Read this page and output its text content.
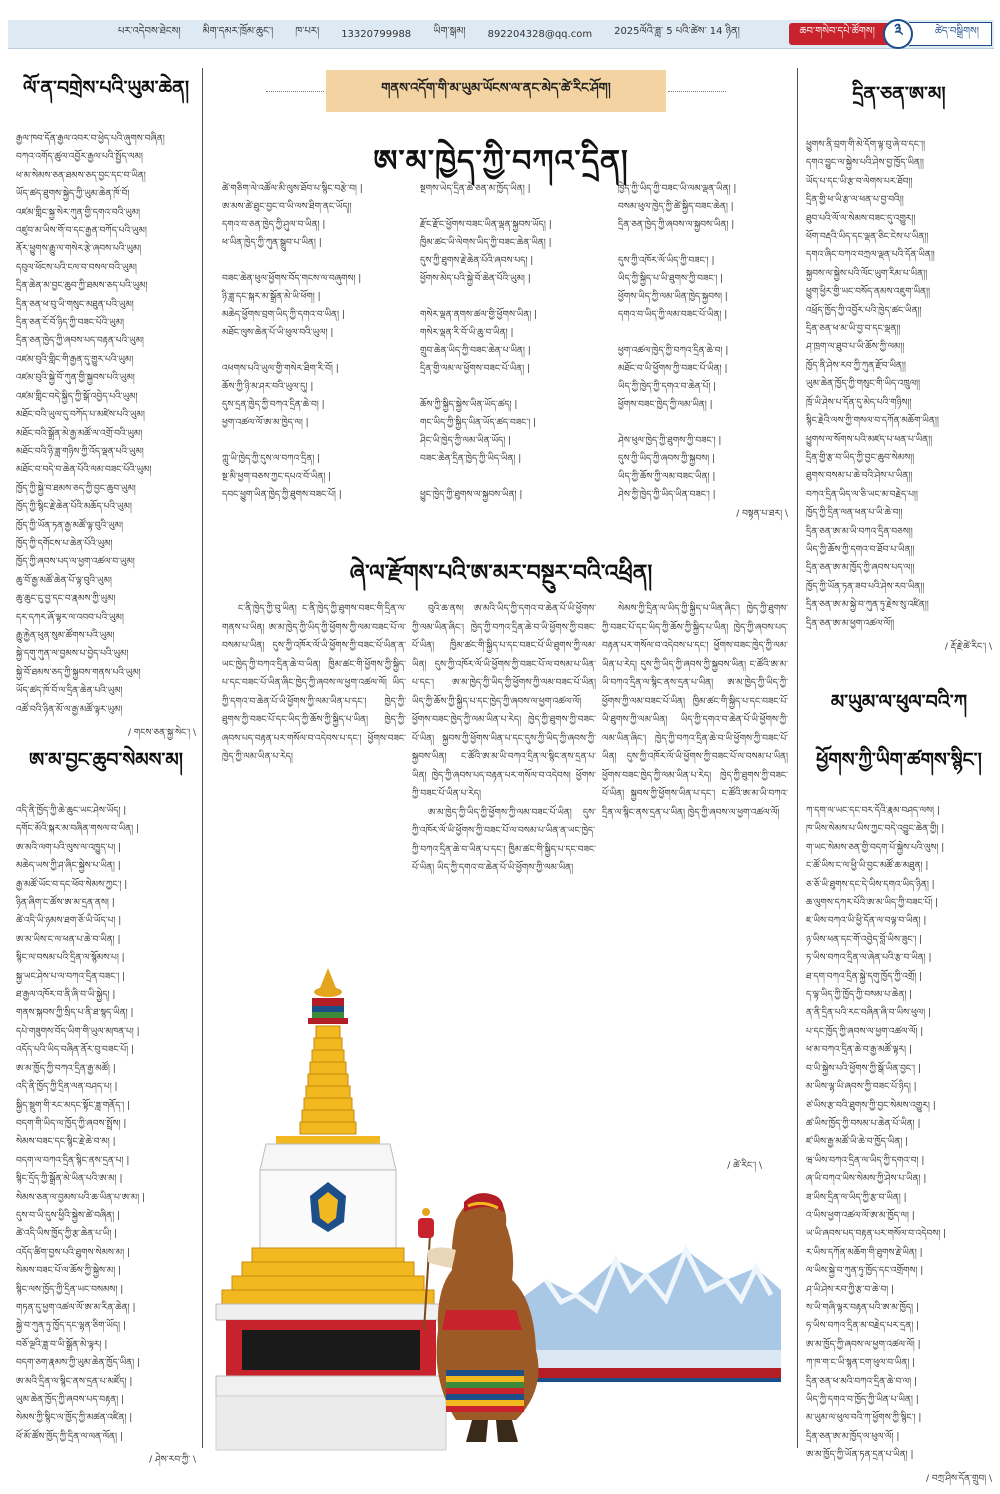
པར་འདེབས་ཐེངས། མིག་དམར་ཁྲོམ་ཆུང་། ཁ་པར། 13320799988 ཡིག་སྒམ། 892204328@qq.com 2025ལོའི་ཟླ་ 5 པའི་ཚེས་ 14 ཉིན།	ཆབ་གསེབ་དཔེ་ཚོགས།	༣	ཚེད་བསྒྲིགས།
ལོ་ན་བགྲེས་པའི་ཡུམ་ཆེན།
རྒྱལ་ཁབ་དོན་རྒྱལ་འབར་བ་ཕྱེད་པའི་ཞུགས་བཞིན།
བཀའ་འགོད་ཚུལ་འབྱོར་རྒྱལ་པའི་སྤྱོད་ལམ།
ཕ་མ་སེམས་ཅན་ཐམས་ཅད་བྱང་དང་བ་ཡིན།
ཡོད་ཚད་ཐུགས་སྐྱེད་ཀྱི་ཡུམ་ཆེན་ཁོ་བོ།
འཛམ་གླིང་སྐྱ་སེར་ཀུན་གྱི་དགའ་བའི་ཡུམ།
འཛུབ་མ་ཡིས་གོ་བ་དང་རྒྱན་བཀོད་པའི་ཡུམ།
ནོར་ཕྱུགས་རྒྱུ་ལ་གསེར་རྩེ་ཞབས་པའི་ཡུམ།
དབུལ་ཕོངས་པའི་ངལ་བ་བསལ་བའི་ཡུམ།
དྲིན་ཆེན་མ་བྱང་ཆུབ་ཀྱི་ཐམས་ཅད་པའི་ཡུམ།
དྲིན་ཅན་ཕ་བུ་ཡི་གསུང་མཐུན་པའི་ཡུམ།
དྲིན་ཅན་ངོ་བོ་ཉིད་ཀྱི་བཟང་པོའི་ཡུམ།
དྲིན་ཅན་ཁྱེད་ཀྱི་ཞབས་པད་བརྟན་པའི་ཡུམ།
འཛམ་བུའི་གླིང་གི་རྒྱན་དུ་གྱུར་པའི་ཡུམ།
འཛམ་བུའི་སྐྱེ་བོ་ཀུན་གྱི་སྐྱབས་པའི་ཡུམ།
འཛམ་གླིང་བདེ་སྐྱིད་ཀྱི་སྒོ་འབྱེད་པའི་ཡུམ།
མཐོང་བའི་ཡུལ་དུ་བཀོད་པ་མཛེས་པའི་ཡུམ།
མཐོང་བའི་སྒྲོན་མེ་རྒྱ་མཚོ་ལ་འགྲོ་བའི་ཡུམ།
མཐོང་བའི་ཉི་ཟླ་གཉིས་ཀྱི་འོད་ལྡན་པའི་ཡུམ།
མཐོང་བ་བདེ་བ་ཆེན་པོའི་ལམ་བཟང་པོའི་ཡུམ།
ཁྱོད་ཀྱི་སྐྱེ་བ་ཐམས་ཅད་ཀྱི་བྱང་ཆུབ་ཡུམ།
ཁྱོད་ཀྱི་སྙིང་རྗེ་ཆེན་པོའི་མཆོད་པའི་ཡུམ།
ཁྱོད་ཀྱི་ཡོན་ཏན་རྒྱ་མཚོ་ལྟ་བུའི་ཡུམ།
ཁྱོད་ཀྱི་དགོངས་པ་ཆེན་པོའི་ཡུམ།
ཁྱོད་ཀྱི་ཞབས་པད་ལ་ཕྱག་འཚལ་བ་ཡུམ།
ཆུ་བོ་རྒྱ་མཚོ་ཆེན་པོ་ལྟ་བུའི་ཡུམ།
ཆུ་ཆུང་ངུ་བྱ་དང་བ་རྣམས་ཀྱི་ཡུམ།
དར་དཀར་ཞོ་ལྟར་ལ་འབབ་པའི་ཡུམ།
རྒྱུ་རྐྱེན་ཕུན་སུམ་ཚོགས་པའི་ཡུམ།
སྐྱེ་དགུ་ཀུན་ལ་བྱམས་པ་བྱེད་པའི་ཡུམ།
སྐྱེ་བོ་ཐམས་ཅད་ཀྱི་སྐྱབས་གནས་པའི་ཡུམ།
ཡོད་ཚད་ཁོ་བོ་ལ་དྲིན་ཆེན་པའི་ཡུམ།
འཚོ་བའི་ཉིན་མོ་ལ་རྒྱ་མཚོ་ལྟར་ཡུམ།
/ གངས་ཅན་སྐྱ་སེང་། \
ཨ་མ་བྱང་ཆུབ་སེམས་མ།
འདི་ནི་ཁྱོད་ཀྱི་ཆེ་ཆུང་ཡང་ཤེས་ཡོད། |
དགོང་མོའི་སྐར་མ་བཞིན་གསལ་བ་ཡིན། |
ཨ་མའི་ལག་པའི་ལུས་ལ་འཁྱུད་པ། |
མཆེད་ཡས་ཀྱི་ཤ་ཞིང་སྐྱེས་པ་ཡིན། |
རྒྱ་མཚོ་ཡོང་བ་དང་ཕོབ་སེམས་ཀྱང་། |
ཉིན་ཞིག་ང་ཚོས་ཨ་མ་དྲན་ནས། |
ཚེ་འདི་ཡི་ཉམས་ཐག་ཅོ་ཡི་ཡོད་པ། |
ཨ་མ་ཡིས་ང་ལ་ཕན་པ་ཆེ་བ་ཡིན། |
སྙིང་ལ་བསམ་པའི་དྲིན་ལ་སྙོམས་པ། |
སྐྱ་ཡང་ཤེས་པ་ལ་བཀའ་དྲིན་བཟང་། |
ཐ་རྒྱལ་འཁོར་བ་ནི་ཞི་བ་ཡི་སྐྱེད། |
གནས་སྐབས་ཀྱི་སྲིད་པ་ནི་ཐ་སྙད་ཡིན། |
དཔེ་གཟུགས་བོད་ཡིག་གི་ཡུལ་མཁན་པ། |
འདོད་པའི་ཡིད་བཞིན་ནོར་བུ་བཟང་པོ། |
ཨ་མ་ཁྱོད་ཀྱི་བཀའ་དྲིན་རྒྱ་མཚོ། |
འདི་ནི་ཁྱོད་ཀྱི་དྲིན་ལན་བཤད་པ། |
སྐྱིད་སྡུག་གི་རང་མདང་སྟོང་ཟླ་གནོད་། |
བདག་གི་ཡིད་ལ་ཁྱོད་ཀྱི་ཞབས་སྤྲོས། |
སེམས་བཟང་དང་སྙིང་རྗེ་ཆེ་བ་མ། |
བདག་ལ་བཀའ་དྲིན་སྙིང་ནས་དྲན་པ། |
སྙིང་དྲོད་ཀྱི་སྒྲོན་མེ་ཡིན་པའི་ཨ་མ། |
སེམས་ཅན་ལ་བྱམས་པའི་ཆ་ཡིན་པ་ཨ་མ། |
དུས་བ་ཡི་དུས་ཕྱིའི་སྐྱེས་ཚེ་བཞིན། |
ཚེ་འདི་ཡིས་ཁྱོད་ཀྱི་རྩ་ཆེན་པ་ཡི། |
འདོད་ཚིག་བྱས་པའི་ཐུགས་སེམས་མ། |
སེམས་བཟང་པོ་ལ་ཆོས་ཀྱི་སྐྱེས་མ། |
སྙིང་ལས་ཁྱོད་ཀྱི་དྲིན་ཡང་བསམས། |
གཏན་དུ་ཕྱག་འཚལ་ལོ་ཨ་མ་རིན་ཆེན། |
སྐྱེ་བ་ཀུན་ཏུ་ཁྱོད་དང་ལྷན་ཅིག་ཡོད། |
བཅོ་ལྔའི་ཟླ་བ་ཡི་སྒྲོན་མེ་ལྟར། |
བདག་ཅག་རྣམས་ཀྱི་ཡུམ་ཆེན་ཁྱོད་ཡིན། |
ཨ་མའི་དྲིན་ལ་སྙིང་ནས་དྲན་པ་མཛོད། |
ཡུམ་ཆེན་ཁྱོད་ཀྱི་ཞབས་པད་བརྟན། |
སེམས་ཀྱི་སྙིང་ལ་ཁྱོད་ཀྱི་མཚན་འཛིན། |
ཕོ་མོ་ཚོས་ཁྱོད་ཀྱི་དྲིན་ལ་ལན་ལོན། |
/ ཤེས་རབ་ཀྱི་ \
དྲིན་ཅན་ཨ་མ།
ཕྱུགས་ནི་བྲག་གི་མེ་དོག་ལྟ་བུ་ཞེ་བ་དང་།།
དགའ་བྱུང་ལ་སྐྱེས་པའི་ཤེས་བྱ་ཁྱོད་ཡིན།།
ཡོད་པ་དང་ཡི་རྩ་བ་ལེགས་པར་ཐོབ།།
དྲིན་གྱི་ཕ་ཡི་རྩ་ལ་ཕན་པ་བྱ་བའི།།
ཐུབ་པའི་ལོ་ལ་སེམས་བཟང་དུ་འགྱུར།།
ཕོག་བརྡའི་ཡིད་དང་ལྡན་ཅིང་ངེས་པ་ཡིན།།
དགའ་ཞིང་བཀའ་བཀྲལ་ལྡན་པའི་དོན་ཡིན།།
སྐྱབས་ལ་སྐྱེས་པའི་ལོང་ཡུག་རིམ་པ་ཡིན།།
ཕྱུག་ཕྱིར་གྱི་ཡང་བསོད་ནམས་འཇུག་ཡིན།།
འཕྲོད་ཁྱོད་ཀྱི་འབྱོར་པའི་ཁྱེད་ཚང་ཡིན།།
དྲིན་ཅན་ཕ་མ་ཡི་བྱ་བ་དང་ལྡན།།
ཤ་ཁྲག་ལ་ཐུབ་པ་ཡི་ཆོས་ཀྱི་ལམ།།
ཁྱོད་ནི་ཤེས་རབ་ཀྱི་ཀུན་རྫོབ་ཡིན།།
ཡུམ་ཆེན་ཁྱོད་ཀྱི་གསུང་གི་ཡིད་འཁྲུལ།།
ཁྲོ་ཡི་ཤེས་པ་དོན་དུ་མེད་པའི་གཉིས།།
སྙིང་རྗེའི་ལས་ཀྱི་གསལ་བ་དཀོན་མཆོག་ཡིན།།
ཕྱུགས་ལ་སོགས་པའི་མཛད་པ་ཕན་པ་ཡིན།།
དྲིན་གྱི་རྩ་བ་ཡིད་ཀྱི་བྱང་ཆུབ་སེམས།།
ཐུགས་བསམ་པ་ཆེ་བའི་ཤེས་པ་ཡིན།།
བཀའ་དྲིན་ཡིད་ལ་ཅི་ཡང་མ་བརྗེད་པ།།
ཁྱོད་ཀྱི་དྲིན་ལན་ཕན་པ་ཡི་ཆེ་བ།།
དྲིན་ཅན་ཨ་མ་ཡི་བཀའ་དྲིན་བཅས།།
ཡིད་ཀྱི་ཆོས་ཀྱི་དགའ་བ་ཐོབ་པ་ཡིན།།
དྲིན་ཅན་ཨ་མ་ཁྱོད་ཀྱི་ཞབས་པད་ལ།།
ཁྱོད་ཀྱི་ཡོན་ཏན་ཟབ་པའི་ཤེས་རབ་ཡིན།།
དྲིན་ཅན་ཨ་མ་སྐྱེ་བ་ཀུན་ཏུ་རྗེས་སུ་འཛིན།།
དྲིན་ཅན་ཨ་མ་ཕྱག་འཚལ་ལོ།།
/ རྡོ་རྗེ་ཚེ་རིང་། \
མ་ཡུམ་ལ་ཕུལ་བའི་ཀ
ཕྱོགས་ཀྱི་ཡིག་ཚགས་སྙིང་།
ཀ་དག་ལ་ཡང་དང་བར་དོའི་རྣམ་བཤད་ལས། |
ཁ་ཡིས་སེམས་པ་ཡིས་ཀྱང་བདེ་འབྱུང་ཆེན་གྱི། |
ག་ཡང་སེམས་ཅན་གྱི་བདག་པོ་སྐྱེས་པའི་ལུས། |
ང་ཚོ་ཡིས་ང་ལ་ཕྱི་ཡི་བྱང་མཚོ་ཆ་མཐུན། |
ཅ་ཅོ་ཡི་ཐུགས་དང་དེ་ཡིས་དགའ་ཡིད་ཉིན། |
ཆ་ལུགས་དཀར་པོའི་ཨ་མ་ཡིད་ཀྱི་བཟང་པོ། |
ཇ་ཡིས་བཀའ་ཡི་ཕྱི་དོན་ལ་བལྟ་བ་ཡིན། |
ཉ་ཡིས་ཕན་དང་གོ་འབྱེད་བློ་ཡིས་ཟུང་། |
ཏ་ཡིས་བཀའ་དྲིན་ལ་ཞེན་པའི་རྩ་བ་ཡིན། |
ཐ་དག་བཀའ་དྲིན་སྐྱེ་དགུ་ཁྱོད་ཀྱི་འགྲོ། |
ད་ལྟ་ཡིད་ཀྱི་ཁྱོད་ཀྱི་བསམ་པ་ཆེན། |
ན་ནི་དྲིན་པའི་རང་བཞིན་ཞི་བ་ཡིས་ཕུལ། |
པ་དང་ཁྱོད་ཀྱི་ཞབས་ལ་ཕྱག་འཚལ་ལོ། |
ཕ་མ་བཀའ་དྲིན་ཆེ་བ་རྒྱ་མཚོ་ལྟར། |
བ་ཡི་སྐྱེས་པའི་ཕྱོགས་ཀྱི་སྒོ་ཡིན་བྱང་། |
མ་ཡིས་ལྷ་ཡི་ཞབས་ཀྱི་བཟང་པོ་ཉིད། |
ཙ་ཡིས་རྩ་བའི་ཐུགས་ཀྱི་བྱང་སེམས་འགྱུར། |
ཚ་ཡིས་ཁྱོད་ཀྱི་བསམ་པ་ཆེན་པོ་ཡིན། |
ཛ་ཡིས་རྒྱ་མཚོ་ཡི་ཆེ་བ་ཁྱོད་ཡིན། |
ཝ་ཡིས་བཀའ་དྲིན་ལ་ཡིད་ཀྱི་དགའ་བ། |
ཞ་ཡི་བཀའ་ཡིས་སེམས་ཀྱི་ཤེས་པ་ཡིན། |
ཟ་ཡིས་དྲིན་ལ་ཡིད་ཀྱི་རྩ་བ་ཡིན། |
འ་ཡིས་ཕྱག་འཚལ་ལོ་ཨ་མ་ཁྱོད་ལ། |
ཡ་ཡི་ཞབས་པད་བརྟན་པར་གསོལ་བ་འདེབས། |
ར་ཡིས་དཀོན་མཆོག་གི་ཐུགས་རྗེ་ཡིན། |
ལ་ཡིས་སྐྱེ་བ་ཀུན་ཏུ་ཁྱོད་དང་འགྲོགས། |
ཤ་ཡི་ཤེས་རབ་ཀྱི་རྩ་བ་ཆེ་བ། |
ས་ཡི་གཞི་ལྟར་བརྟན་པའི་ཨ་མ་ཁྱོད། |
ཧ་ཡིས་བཀའ་དྲིན་མ་བརྗེད་པར་དྲན། |
ཨ་མ་ཁྱོད་ཀྱི་ཞབས་ལ་ཕྱག་འཚལ་ལོ། |
ཀ་ཁ་ག་ང་ཡི་སྙན་ངག་ཕུལ་བ་ཡིན། |
དྲིན་ཅན་ཕ་མའི་བཀའ་དྲིན་ཆེ་བ་ལ། |
ཡིད་ཀྱི་དགའ་བ་ཁྱོད་ཀྱི་ཡིན་པ་ཡིན། |
མ་ཡུམ་ལ་ཕུལ་བའི་ཀ་ཕྱོགས་ཀྱི་སྙིང་། |
དྲིན་ཅན་ཨ་མ་ཁྱོད་ལ་ཕུལ་ལོ། |
ཨ་མ་ཁྱོད་ཀྱི་ཡོན་ཏན་དྲན་པ་ཡིན། |
/ བཀྲ་ཤིས་དོན་གྲུབ། \
གནས་འདོག་གི་མ་ཡུམ་ཡོངས་ལ་ནང་མེད་ཚེ་རིང་ཤོག།
ཨ་མ་ཁྱེད་ཀྱི་བཀའ་དྲིན།
ཚེ་གཅིག་ལེ་འཚོལ་མི་ལུས་ཐོབ་པ་སྙིང་བརྩེ་བ། |
ཨ་མས་ཚེ་ཐུང་བྱང་བ་ཡི་ལས་ཐིག་ནང་ཡོད།།
དགའ་བ་ཅན་ཁྱེད་ཀྱི་ཤུལ་བ་ཡིན། |
ཕ་ཡིན་ཁྱེད་ཀྱི་ཀུན་སྒྲུབ་པ་ཡིན། |
བཟང་ཆེན་ཕུལ་ཕྱོགས་བོད་གངས་ལ་བཞུགས། |
ཉི་ཟླ་དང་སྐར་མ་སྒྲོན་མེ་ཡི་ཕོག། |
མཆེད་ཕྱོགས་བྲག་ཡིད་ཀྱི་དགའ་བ་ཡིན། |
མཐོང་ལུས་ཆེན་པོ་ཡི་ཕུལ་བའི་ཡུལ། |
འཕགས་པའི་ཡུལ་གྱི་གསེར་ཐིག་རི་བོ། |
ཆོས་ཀྱི་ཉི་མ་ཤར་བའི་ཡུལ་དུ། |
དུས་དྲན་ཁྱེད་ཀྱི་བཀའ་དྲིན་ཆེ་བ། |
ཕྱག་འཚལ་ལོ་ཨ་མ་ཁྱེད་ལ། |
ཀླུ་ཡི་ཁྱེད་ཀྱི་དུས་ལ་བཀའ་དྲིན། |
སྔ་མི་ཕྱག་བཅས་ཀྱང་དཔའ་བོ་ཡིན། |
དབང་ཕྱུག་ཡིན་ཁྱེད་ཀྱི་ཐུགས་བཟང་པོ། |
སྔགས་ཡེད་དྲིན་ཆེ་ཅན་མ་ཁྱོད་ཡིན། |
རྫོང་རྫོང་ཕྱོགས་བཟང་ཡིན་ལྡན་སྐྱབས་ཡོད། |
ཁྱིམ་ཚང་ཡི་ལེགས་ཡིད་ཀྱི་བཟང་ཆེན་ཡིན། |
དུས་ཀྱི་ཐུགས་རྗེ་ཆེན་པོའི་ཞབས་པད། |
ཕྱོགས་མེད་པའི་སྐྱེ་བོ་ཆེན་པོའི་ཡུམ། |
གསེར་ལྡན་ནགས་ཚལ་གྱི་ཕྱོགས་ཡིན། |
གསེར་ལྡན་རི་བོ་ཡི་ཆུ་བ་ཡིན། |
གྲུབ་ཆེན་ཡིད་ཀྱི་བཟང་ཆེན་པ་ཡིན། |
དྲིན་གྱི་ལམ་ལ་ཕྱོགས་བཟང་པོ་ཡིན། |
ཆོས་ཀྱི་སྐྱིད་སྐྱེས་ཡིན་ཡོད་ཚད། |
གང་ཡིད་ཀྱི་སྐྱིད་ཡིན་ཡོད་ཚད་བཟང་། |
ཤིང་ཡི་ཁྱེད་ཀྱི་ལམ་ཡིན་ཡོད། |
བཟང་ཆེན་དྲིན་ཁྱེད་ཀྱི་ཡིད་ཡིན། |
ཕྱུང་ཁྱེད་ཀྱི་ཐུགས་ལ་སྐྱབས་ཡིན། |
ཁྱེད་ཀྱི་ཡིད་ཀྱི་བཟང་ཡི་ལམ་ལྡན་ཡིན། |
བསམ་ཕུལ་ཁྱེད་ཀྱི་ཚེ་སྐྱིད་བཟང་ཆེན། |
དྲིན་ཅན་ཁྱེད་ཀྱི་ཞབས་ལ་སྐྱབས་ཡིན། |
དུས་ཀྱི་འཁོར་ལོ་ཡིད་ཀྱི་བཟང་། |
ཡིད་ཀྱི་སྐྱིད་པ་ཡི་ཐུགས་ཀྱི་བཟང་། |
ཕྱོགས་ཡིད་ཀྱི་ལམ་ཡིན་ཁྱེད་སྐྱབས། |
དགའ་བ་ཡིད་ཀྱི་ལམ་བཟང་པོ་ཡིན། |
ཕྱག་འཚལ་ཁྱེད་ཀྱི་བཀའ་དྲིན་ཆེ་བ། |
མཐོང་བ་ཡི་ཕྱོགས་ཀྱི་བཟང་པོ་ཡིན། |
ཡིད་ཀྱི་ཁྱེད་ཀྱི་དགའ་བ་ཆེན་པོ། |
ཕྱོགས་བཟང་ཁྱེད་ཀྱི་ལམ་ཡིན། |
ཤེས་ཕུལ་ཁྱེད་ཀྱི་ཐུགས་ཀྱི་བཟང་། |
དུས་ཀྱི་ཡིད་ཀྱི་ཞབས་ཀྱི་སྐྱབས། |
ཡིད་ཀྱི་ཆོས་ཀྱི་ལམ་བཟང་ཡིན། |
ཤེས་ཀྱི་ཁྱེད་ཀྱི་ཡིད་ཡིན་བཟང་། |
/ བསྟན་པ་ཐར། \
ཞེ་ལ་རྫོགས་པའི་ཨ་མར་བསྔུར་བའི་འཕྲིན།

ང་ནི་ཁྱེད་ཀྱི་བུ་ཡིན། ང་ནི་ཁྱེད་ཀྱི་ཐུགས་བཟང་གི་དྲིན་ལ་གནས་པ་ཡིན། ཨ་མ་ཁྱེད་ཀྱི་ཡིད་ཀྱི་ཕྱོགས་ཀྱི་ལམ་བཟང་པོ་ལ་བསམ་པ་ཡིན། དུས་ཀྱི་འཁོར་ལོ་ཡི་ཕྱོགས་ཀྱི་བཟང་པོ་ཡིན་ན་ཡང་ཁྱེད་ཀྱི་བཀའ་དྲིན་ཆེ་བ་ཡིན། ཁྱིམ་ཚང་གི་ཕྱོགས་ཀྱི་སྐྱིད་པ་དང་བཟང་པོ་ཡིན་ཞིང་ཁྱེད་ཀྱི་ཞབས་ལ་ཕྱག་འཚལ་ལོ། ཡིད་ཀྱི་དགའ་བ་ཆེན་པོ་ཡི་ཕྱོགས་ཀྱི་ལམ་ཡིན་པ་དང་། ཁྱེད་ཀྱི་ཐུགས་ཀྱི་བཟང་པོ་དང་ཡིད་ཀྱི་ཆོས་ཀྱི་སྐྱིད་པ་ཡིན། ཁྱེད་ཀྱི་ཞབས་པད་བརྟན་པར་གསོལ་བ་འདེབས་པ་དང་། ཕྱོགས་བཟང་ཁྱེད་ཀྱི་ལམ་ཡིན་པ་རེད།

བུའི་ཆ་ནས། ཨ་མའི་ཡིད་ཀྱི་དགའ་བ་ཆེན་པོ་ཡི་ཕྱོགས་ཀྱི་ལམ་ཡིན་ཞིང་། ཁྱེད་ཀྱི་བཀའ་དྲིན་ཆེ་བ་ཡི་ཕྱོགས་ཀྱི་བཟང་པོ་ཡིན། ཁྱིམ་ཚང་གི་སྐྱིད་པ་དང་བཟང་པོ་ཡི་ཐུགས་ཀྱི་ལམ་ཡིན། དུས་ཀྱི་འཁོར་ལོ་ཡི་ཕྱོགས་ཀྱི་བཟང་པོ་ལ་བསམ་པ་ཡིན་པ་དང་། ཨ་མ་ཁྱེད་ཀྱི་ཡིད་ཀྱི་ཕྱོགས་ཀྱི་ལམ་བཟང་པོ་ཡིན། ཡིད་ཀྱི་ཆོས་ཀྱི་སྐྱིད་པ་དང་ཁྱེད་ཀྱི་ཞབས་ལ་ཕྱག་འཚལ་ལོ། ཕྱོགས་བཟང་ཁྱེད་ཀྱི་ལམ་ཡིན་པ་རེད། ཁྱེད་ཀྱི་ཐུགས་ཀྱི་བཟང་པོ་ཡིན། སྐྱབས་ཀྱི་ཕྱོགས་ཡིན་པ་དང་དུས་ཀྱི་ཡིད་ཀྱི་ཞབས་ཀྱི་སྐྱབས་ཡིན། ང་ཚོའི་ཨ་མ་ཡི་བཀའ་དྲིན་ལ་སྙིང་ནས་དྲན་པ་ཡིན། ཁྱེད་ཀྱི་ཞབས་པད་བརྟན་པར་གསོལ་བ་འདེབས། ཕྱོགས་ཀྱི་བཟང་པོ་ཡིན་པ་རེད།

ཨ་མ་ཁྱེད་ཀྱི་ཡིད་ཀྱི་ཕྱོགས་ཀྱི་ལམ་བཟང་པོ་ཡིན། དུས་ཀྱི་འཁོར་ལོ་ཡི་ཕྱོགས་ཀྱི་བཟང་པོ་ལ་བསམ་པ་ཡིན་ན་ཡང་ཁྱེད་ཀྱི་བཀའ་དྲིན་ཆེ་བ་ཡིན་པ་དང་། ཁྱིམ་ཚང་གི་སྐྱིད་པ་དང་བཟང་པོ་ཡིན། ཡིད་ཀྱི་དགའ་བ་ཆེན་པོ་ཡི་ཕྱོགས་ཀྱི་ལམ་ཡིན།

སེམས་ཀྱི་དྲིན་ལ་ཡིད་ཀྱི་སྐྱིད་པ་ཡིན་ཞིང་། ཁྱེད་ཀྱི་ཐུགས་ཀྱི་བཟང་པོ་དང་ཡིད་ཀྱི་ཆོས་ཀྱི་སྐྱིད་པ་ཡིན། ཁྱེད་ཀྱི་ཞབས་པད་བརྟན་པར་གསོལ་བ་འདེབས་པ་དང་། ཕྱོགས་བཟང་ཁྱེད་ཀྱི་ལམ་ཡིན་པ་རེད། དུས་ཀྱི་ཡིད་ཀྱི་ཞབས་ཀྱི་སྐྱབས་ཡིན། ང་ཚོའི་ཨ་མ་ཡི་བཀའ་དྲིན་ལ་སྙིང་ནས་དྲན་པ་ཡིན། ཨ་མ་ཁྱེད་ཀྱི་ཡིད་ཀྱི་ཕྱོགས་ཀྱི་ལམ་བཟང་པོ་ཡིན། ཁྱིམ་ཚང་གི་སྐྱིད་པ་དང་བཟང་པོ་ཡི་ཐུགས་ཀྱི་ལམ་ཡིན། ཡིད་ཀྱི་དགའ་བ་ཆེན་པོ་ཡི་ཕྱོགས་ཀྱི་ལམ་ཡིན་ཞིང་། ཁྱེད་ཀྱི་བཀའ་དྲིན་ཆེ་བ་ཡི་ཕྱོགས་ཀྱི་བཟང་པོ་ཡིན། དུས་ཀྱི་འཁོར་ལོ་ཡི་ཕྱོགས་ཀྱི་བཟང་པོ་ལ་བསམ་པ་ཡིན། ཕྱོགས་བཟང་ཁྱེད་ཀྱི་ལམ་ཡིན་པ་རེད། ཁྱེད་ཀྱི་ཐུགས་ཀྱི་བཟང་པོ་ཡིན། སྐྱབས་ཀྱི་ཕྱོགས་ཡིན་པ་དང་། ང་ཚོའི་ཨ་མ་ཡི་བཀའ་དྲིན་ལ་སྙིང་ནས་དྲན་པ་ཡིན། ཁྱེད་ཀྱི་ཞབས་ལ་ཕྱག་འཚལ་ལོ།

/ ཚེ་རིང་། \
